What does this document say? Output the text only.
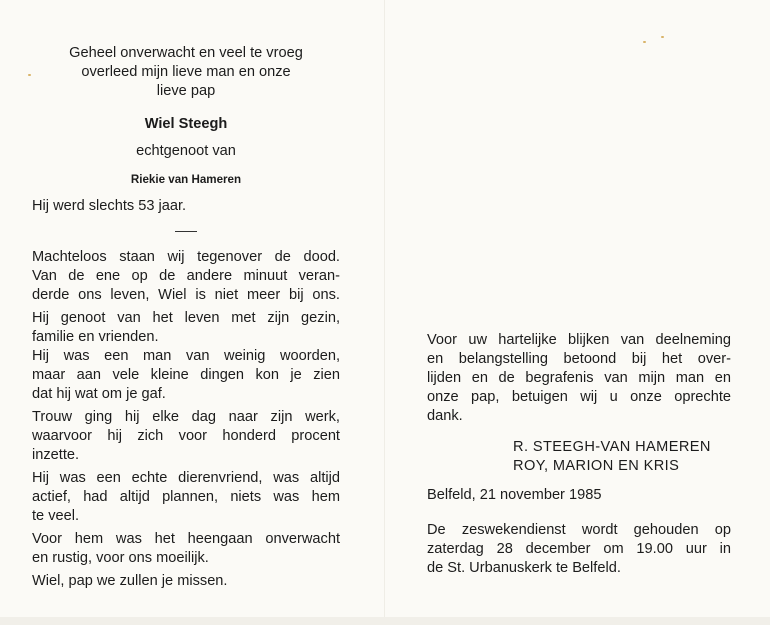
Geheel onverwacht en veel te vroeg
overleed mijn lieve man en onze
lieve pap
Wiel Steegh
echtgenoot van
Riekie van Hameren
Hij werd slechts 53 jaar.
Machteloos staan wij tegenover de dood.
Van de ene op de andere minuut veran-
derde ons leven, Wiel is niet meer bij ons.
Hij genoot van het leven met zijn gezin,
familie en vrienden.
Hij was een man van weinig woorden,
maar aan vele kleine dingen kon je zien
dat hij wat om je gaf.
Trouw ging hij elke dag naar zijn werk,
waarvoor hij zich voor honderd procent
inzette.
Hij was een echte dierenvriend, was altijd
actief, had altijd plannen, niets was hem
te veel.
Voor hem was het heengaan onverwacht
en rustig, voor ons moeilijk.
Wiel, pap we zullen je missen.
Voor uw hartelijke blijken van deelneming
en belangstelling betoond bij het over-
lijden en de begrafenis van mijn man en
onze pap, betuigen wij u onze oprechte
dank.
R. STEEGH-VAN HAMEREN
ROY, MARION EN KRIS
Belfeld, 21 november 1985
De zeswekendienst wordt gehouden op
zaterdag 28 december om 19.00 uur in
de St. Urbanuskerk te Belfeld.
